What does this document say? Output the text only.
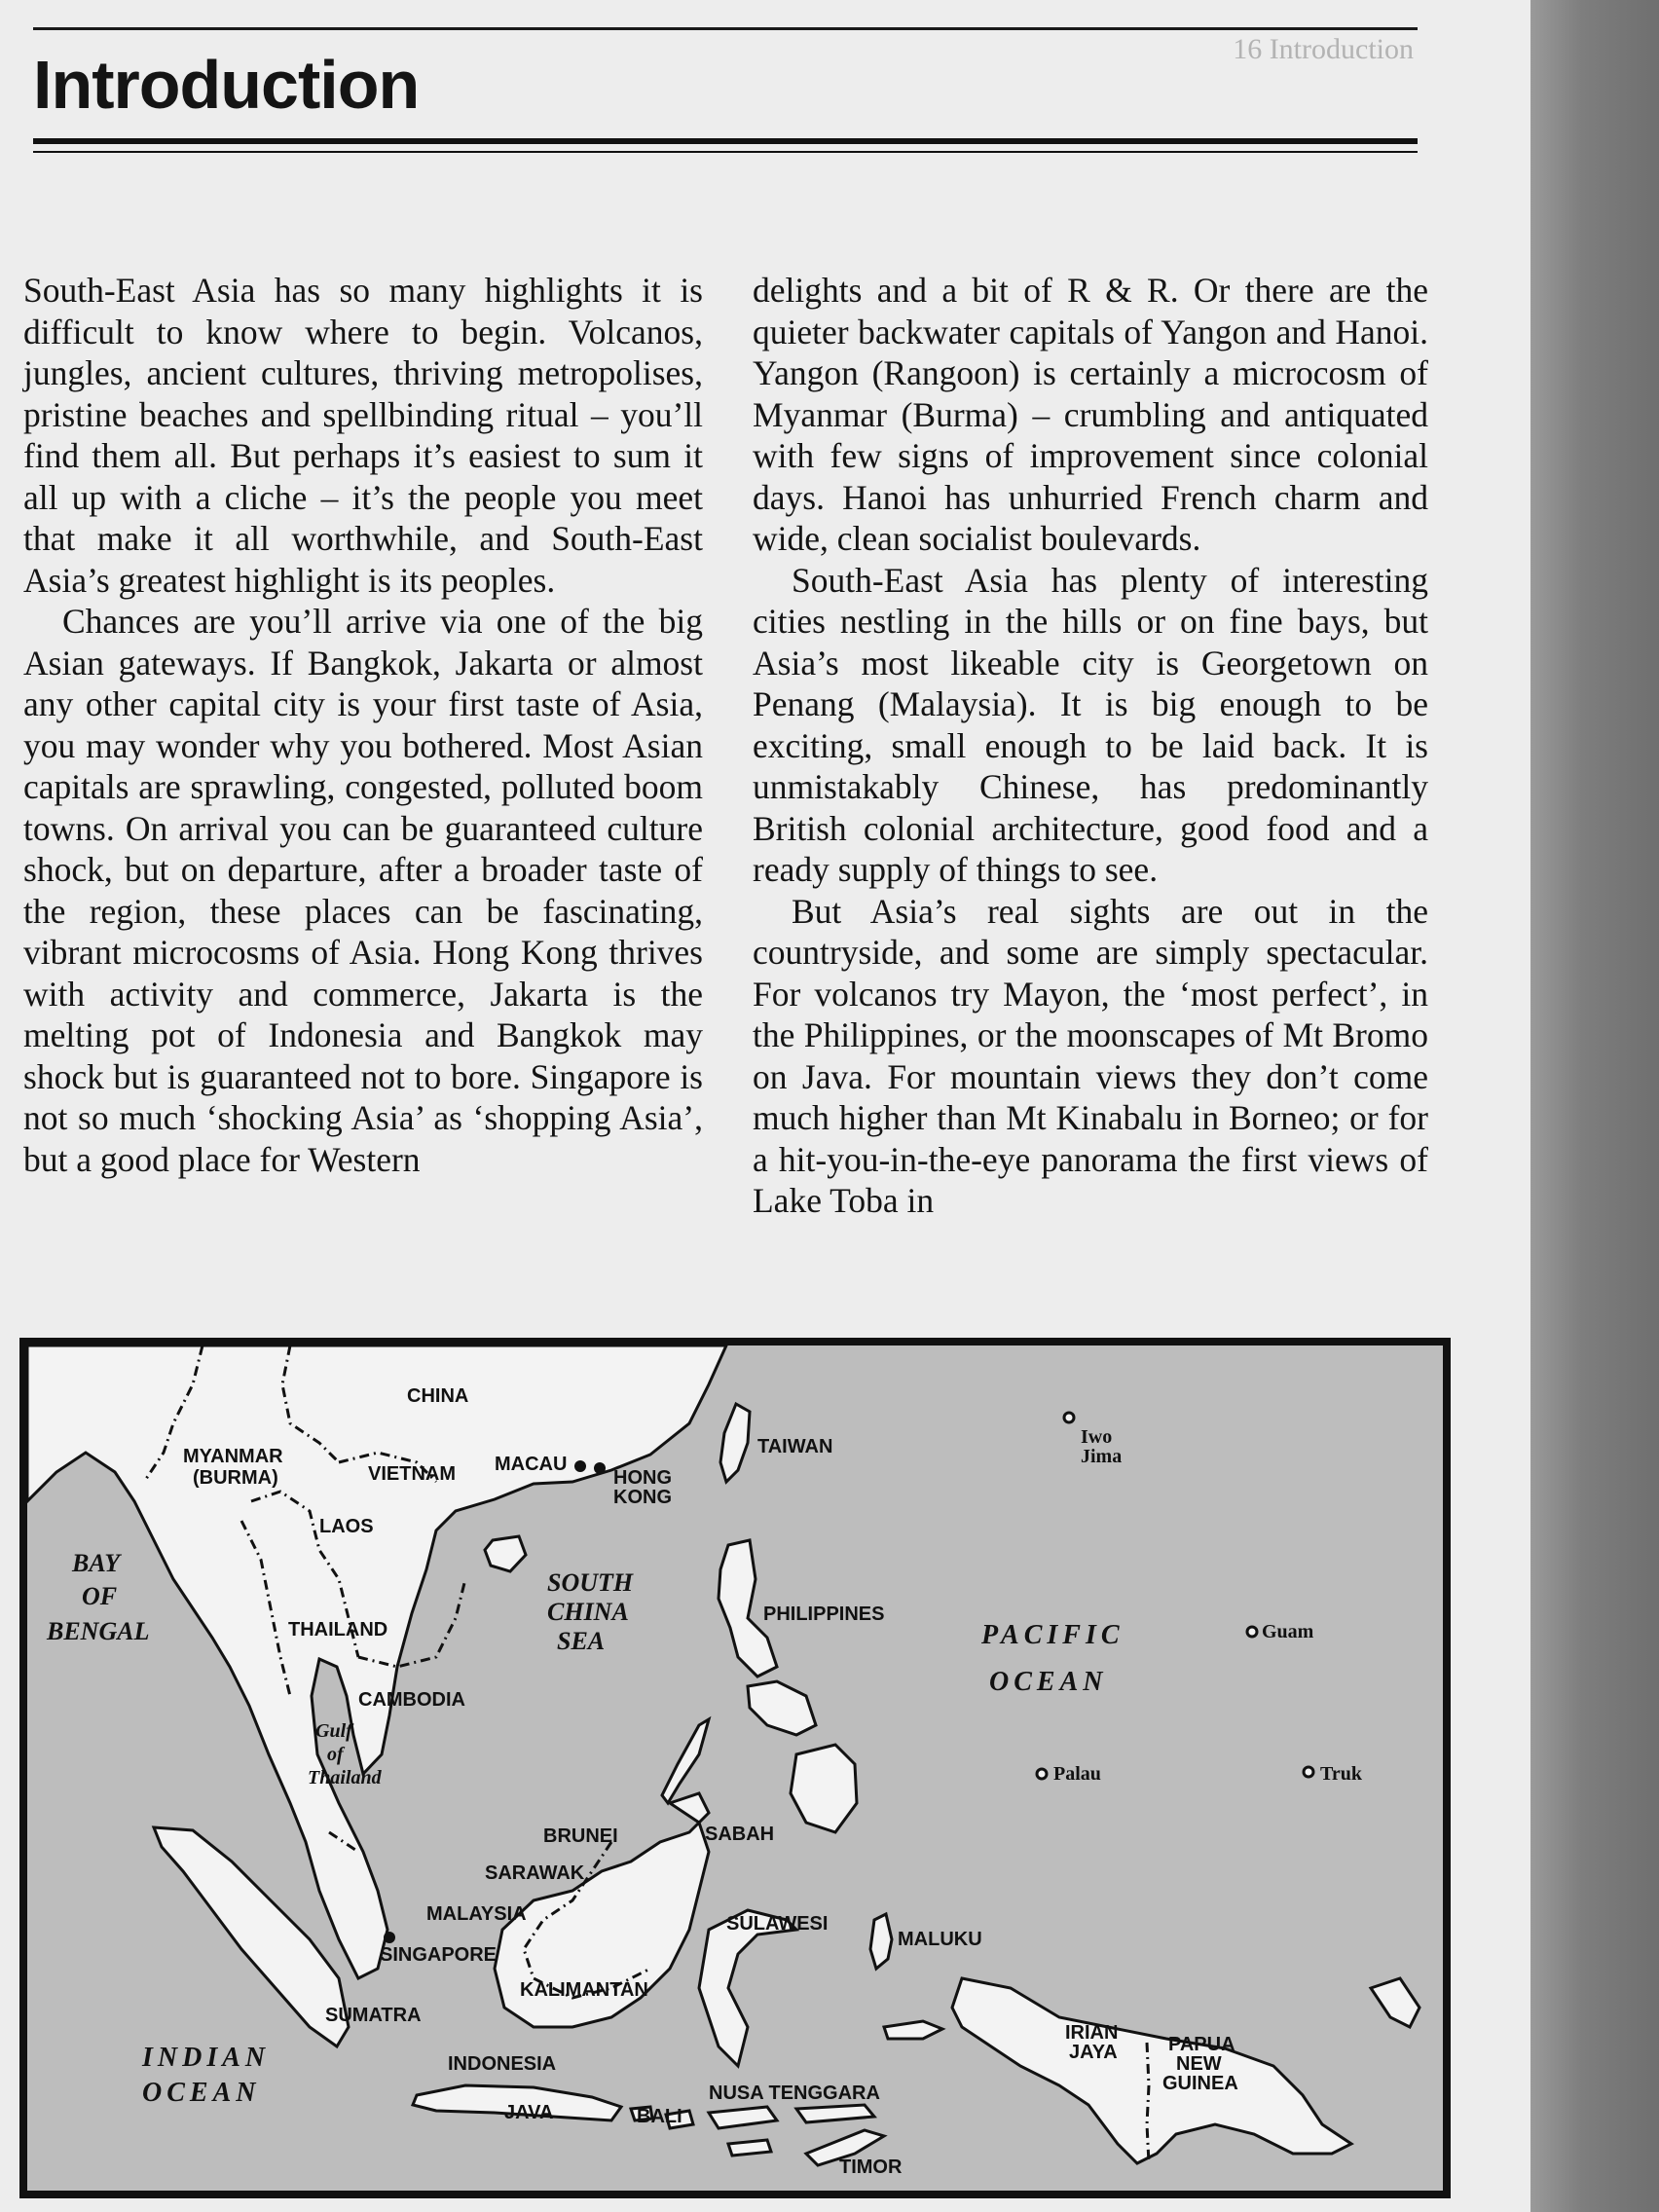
16 Introduction
Introduction

South-East Asia has so many highlights it is difficult to know where to begin. Volcanos, jungles, ancient cultures, thriving metropolises, pristine beaches and spellbinding ritual – you’ll find them all. But perhaps it’s easiest to sum it all up with a cliche – it’s the people you meet that make it all worthwhile, and South-East Asia’s greatest highlight is its peoples.

Chances are you’ll arrive via one of the big Asian gateways. If Bangkok, Jakarta or almost any other capital city is your first taste of Asia, you may wonder why you bothered. Most Asian capitals are sprawling, congested, polluted boom towns. On arrival you can be guaranteed culture shock, but on departure, after a broader taste of the region, these places can be fascinating, vibrant microcosms of Asia. Hong Kong thrives with activity and commerce, Jakarta is the melting pot of Indonesia and Bangkok may shock but is guaranteed not to bore. Singapore is not so much ‘shocking Asia’ as ‘shopping Asia’, but a good place for Western

delights and a bit of R & R. Or there are the quieter backwater capitals of Yangon and Hanoi. Yangon (Rangoon) is certainly a microcosm of Myanmar (Burma) – crumbling and antiquated with few signs of improvement since colonial days. Hanoi has unhurried French charm and wide, clean socialist boulevards.

South-East Asia has plenty of interesting cities nestling in the hills or on fine bays, but Asia’s most likeable city is Georgetown on Penang (Malaysia). It is big enough to be exciting, small enough to be laid back. It is unmistakably Chinese, has predominantly British colonial architecture, good food and a ready supply of things to see.

But Asia’s real sights are out in the countryside, and some are simply spectacular. For volcanos try Mayon, the ‘most perfect’, in the Philippines, or the moonscapes of Mt Bromo on Java. For mountain views they don’t come much higher than Mt Kinabalu in Borneo; or for a hit-you-in-the-eye panorama the first views of Lake Toba in

CHINA
MYANMAR
(BURMA)	VIETNAM MACAU
HONG
KONG
TAIWAN	Iwo
Jima
LAOS
BAY
OF
BENGAL	THAILAND
SOUTH
CHINA
SEA
PHILIPPINES
PACIFIC
OCEAN
Guam
CAMBODIA
Gulf
of
Thailand	Palau	Truk
BRUNEI	SABAH
SARAWAK
MALAYSIA	SULAWESI
MALUKU
SINGAPORE
KALIMANTAN
SUMATRA
IRIAN
JAYA	PAPUA
NEW
GUINEA
INDIAN
OCEAN
INDONESIA
JAVA	BALI
NUSA TENGGARA
TIMOR
